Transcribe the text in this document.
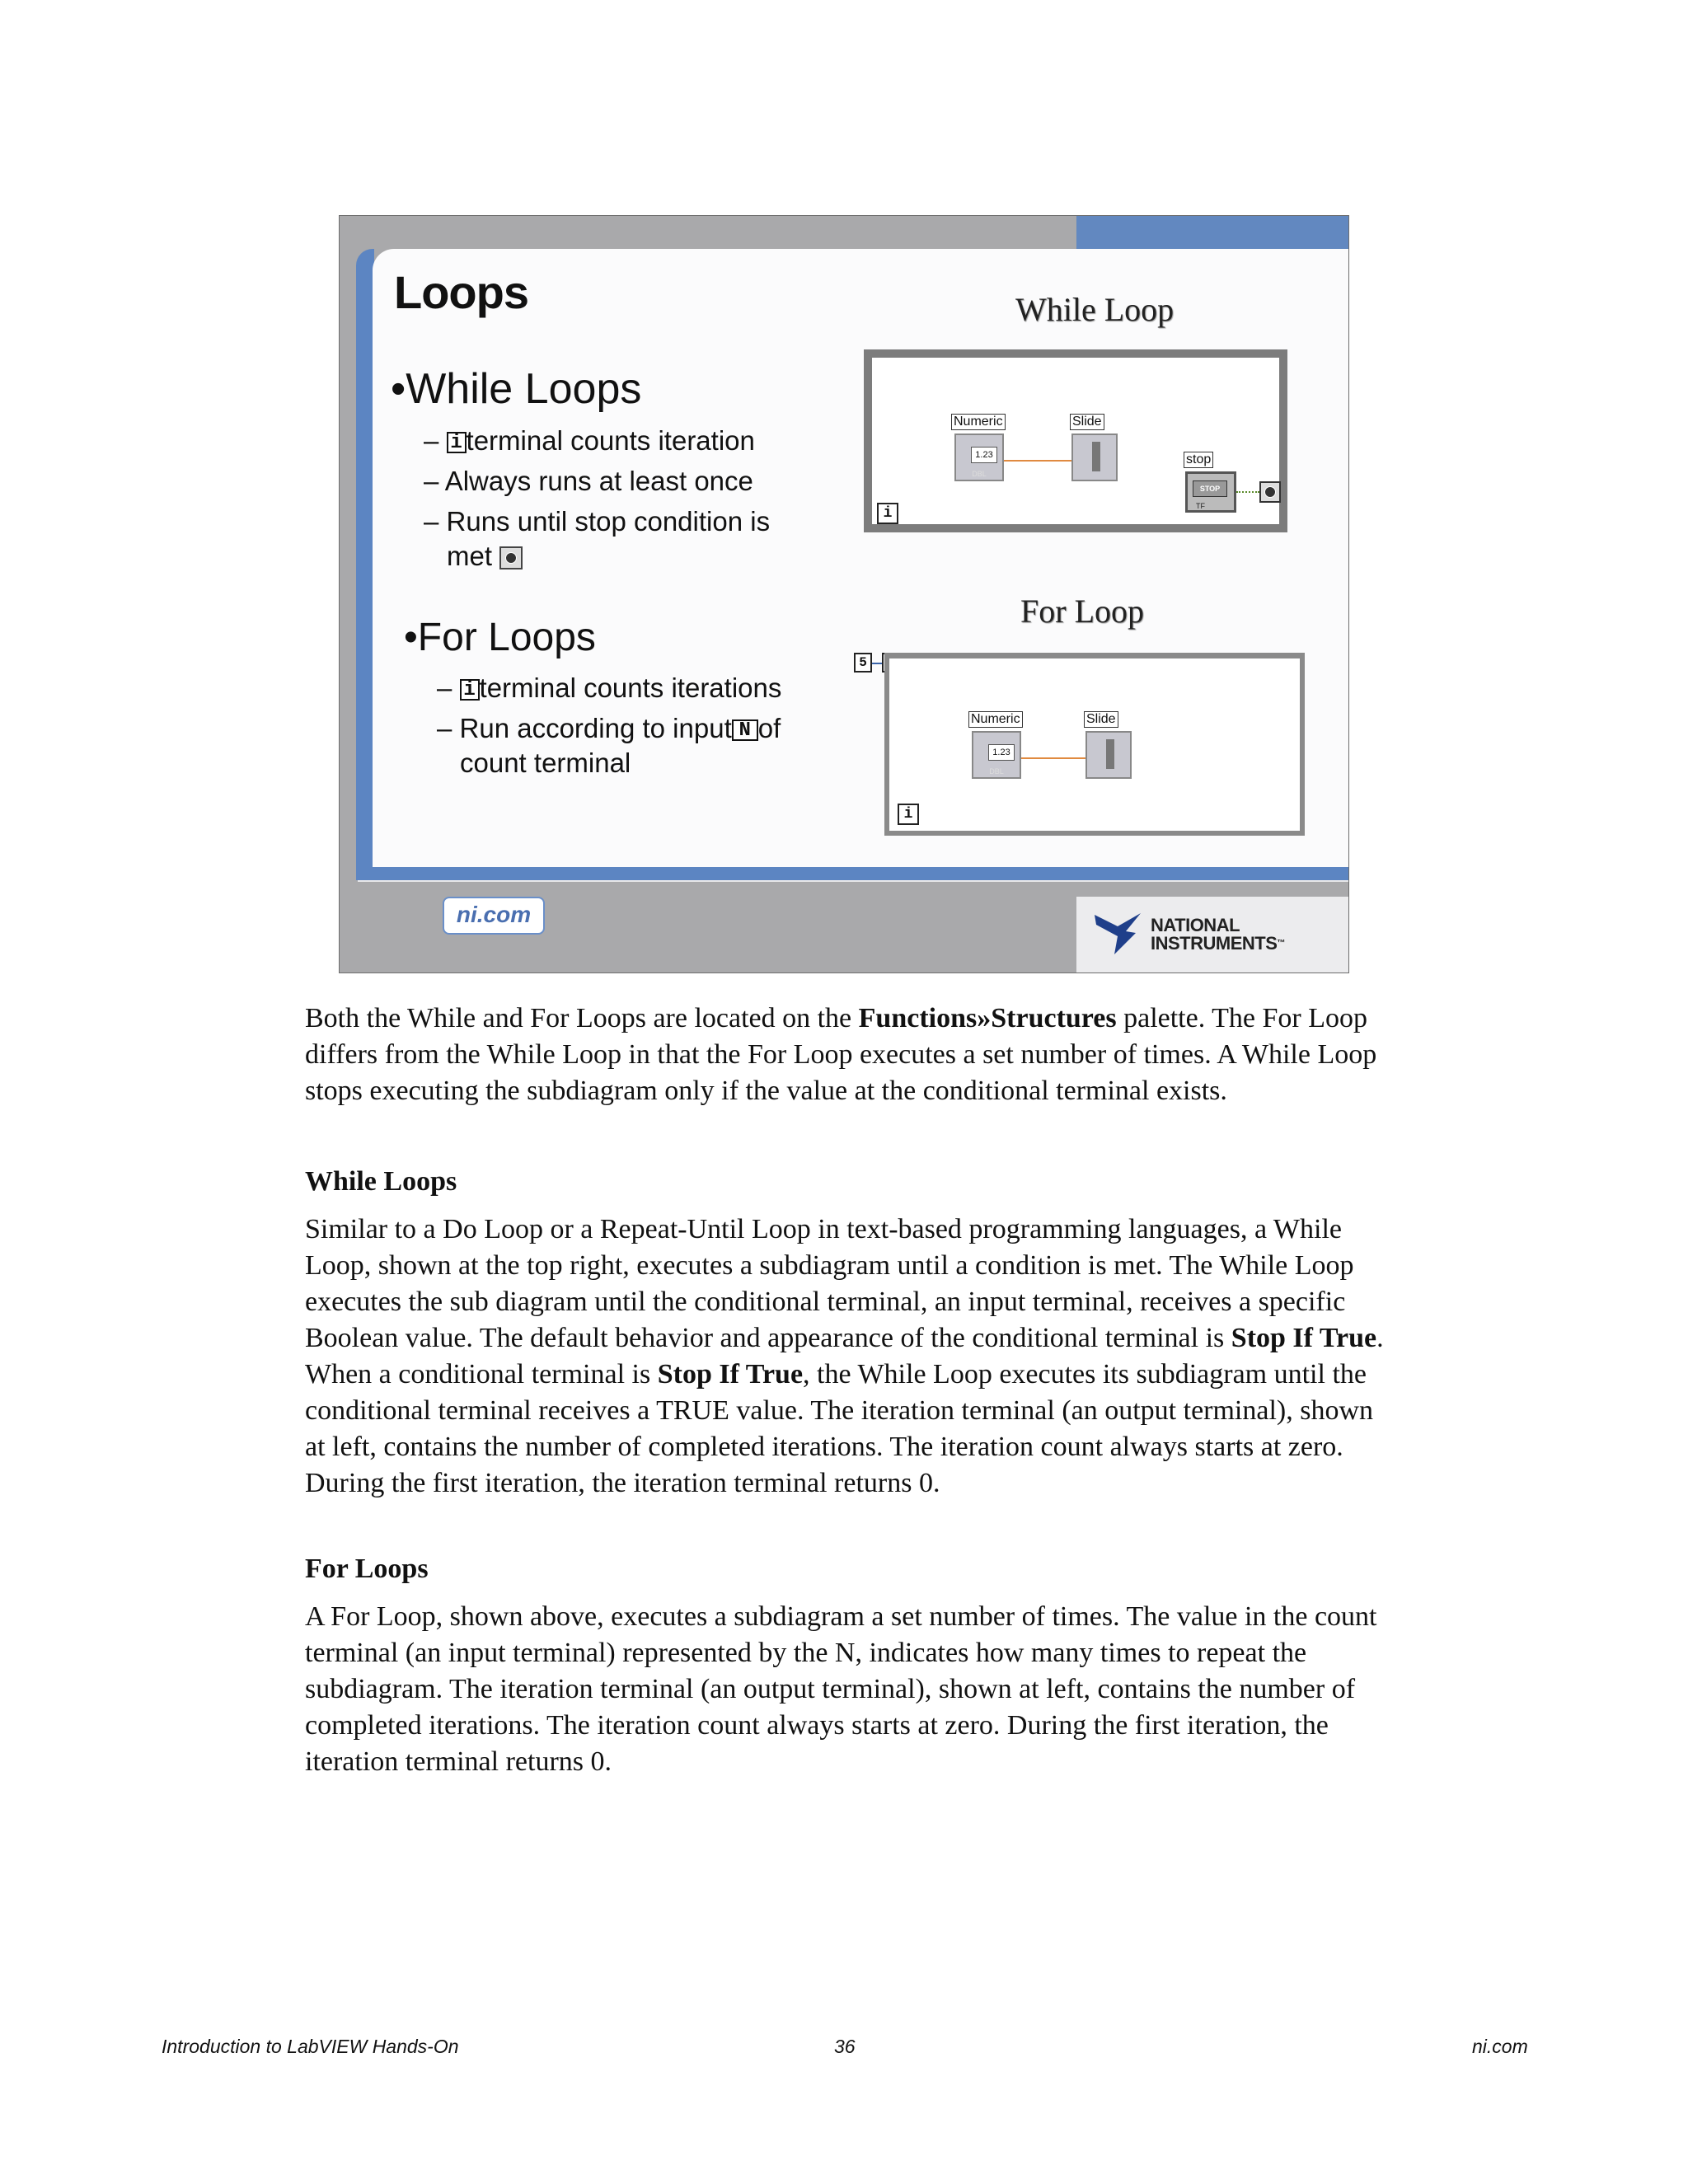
Loops
•While Loops
– i terminal counts iteration
– Always runs at least once
– Runs until stop condition is
met
•For Loops
– i terminal counts iterations
– Run according to input N of
count terminal
While Loop
Numeric
1.23
DBL
Slide
stop
STOP
TF
i
For Loop
5
Numeric
1.23
DBL
Slide
i
ni.com	NATIONAL
INSTRUMENTS™

Both the While and For Loops are located on the Functions»Structures palette. The For Loop differs from the While Loop in that the For Loop executes a set number of times. A While Loop stops executing the subdiagram only if the value at the conditional terminal exists.

While Loops

Similar to a Do Loop or a Repeat-Until Loop in text-based programming languages, a While Loop, shown at the top right, executes a subdiagram until a condition is met. The While Loop executes the sub diagram until the conditional terminal, an input terminal, receives a specific Boolean value. The default behavior and appearance of the conditional terminal is Stop If True. When a conditional terminal is Stop If True, the While Loop executes its subdiagram until the conditional terminal receives a TRUE value. The iteration terminal (an output terminal), shown at left, contains the number of completed iterations. The iteration count always starts at zero. During the first iteration, the iteration terminal returns 0.

For Loops

A For Loop, shown above, executes a subdiagram a set number of times. The value in the count terminal (an input terminal) represented by the N, indicates how many times to repeat the subdiagram. The iteration terminal (an output terminal), shown at left, contains the number of completed iterations. The iteration count always starts at zero. During the first iteration, the iteration terminal returns 0.

Introduction to LabVIEW Hands-On	36	ni.com
